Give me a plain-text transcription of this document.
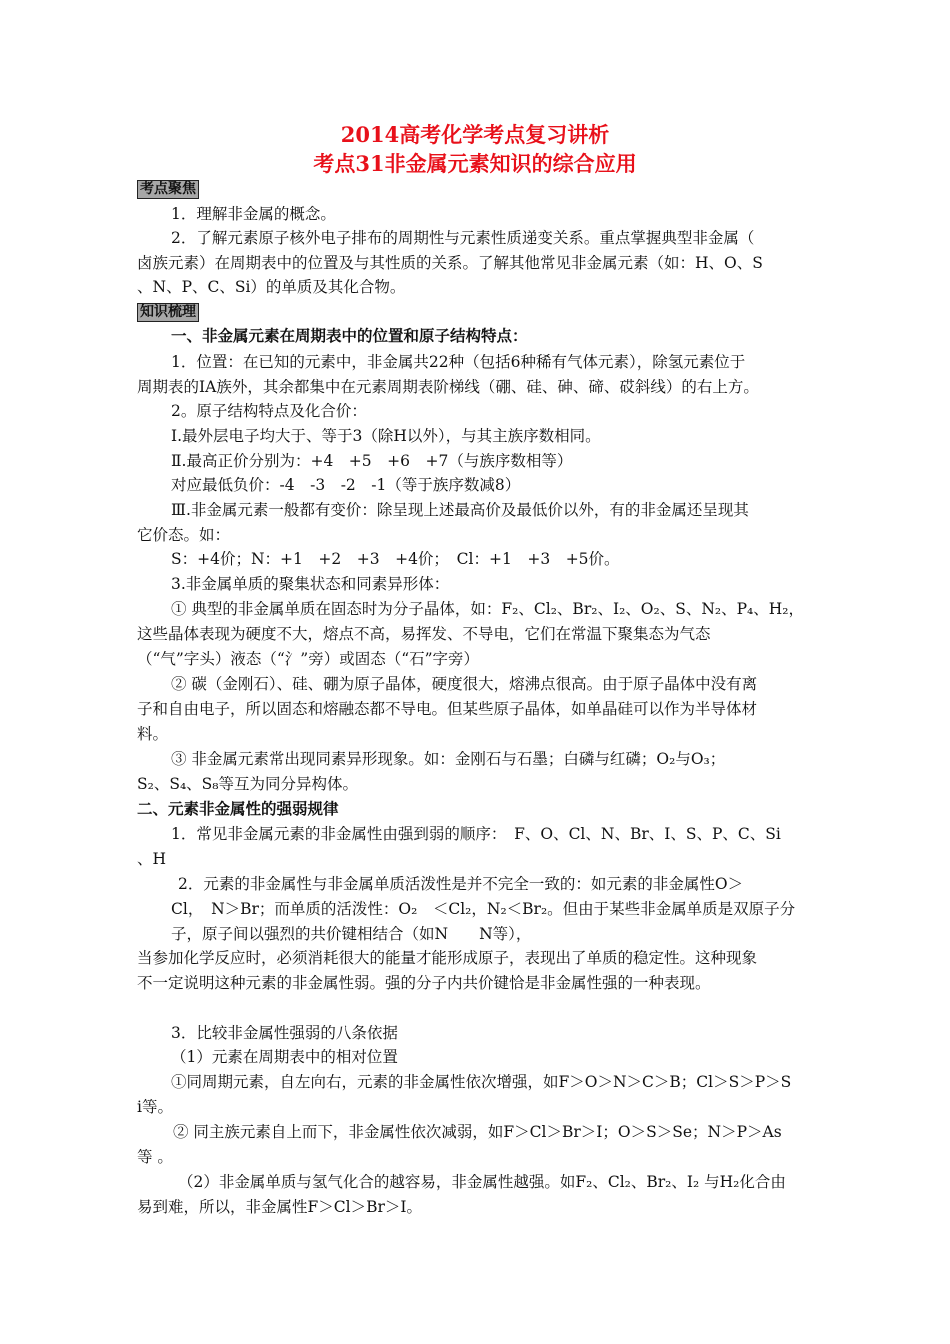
2014高考化学考点复习讲析
考点31非金属元素知识的综合应用
考点聚焦
1．理解非金属的概念。
2．了解元素原子核外电子排布的周期性与元素性质递变关系。重点掌握典型非金属（
卤族元素）在周期表中的位置及与其性质的关系。了解其他常见非金属元素（如：H、O、S
、N、P、C、Si）的单质及其化合物。
知识梳理
一、非金属元素在周期表中的位置和原子结构特点：
1．位置：在已知的元素中，非金属共22种（包括6种稀有气体元素），除氢元素位于
周期表的ⅠA族外，其余都集中在元素周期表阶梯线（硼、硅、砷、碲、砹斜线）的右上方。
2。原子结构特点及化合价：
Ⅰ.最外层电子均大于、等于3（除H以外），与其主族序数相同。
Ⅱ.最高正价分别为：+4　+5　+6　+7（与族序数相等）
对应最低负价：-4　-3　-2　-1（等于族序数减8）
Ⅲ.非金属元素一般都有变价：除呈现上述最高价及最低价以外，有的非金属还呈现其
它价态。如：
S：+4价；N：+1　+2　+3　+4价；　Cl：+1　+3　+5价。
3.非金属单质的聚集状态和同素异形体：
① 典型的非金属单质在固态时为分子晶体，如：F₂、Cl₂、Br₂、I₂、O₂、S、N₂、P₄、H₂，
这些晶体表现为硬度不大，熔点不高，易挥发、不导电，它们在常温下聚集态为气态
（“气”字头）液态（“氵”旁）或固态（“石”字旁）
② 碳（金刚石）、硅、硼为原子晶体，硬度很大，熔沸点很高。由于原子晶体中没有离
子和自由电子，所以固态和熔融态都不导电。但某些原子晶体，如单晶硅可以作为半导体材
料。
③ 非金属元素常出现同素异形现象。如：金刚石与石墨；白磷与红磷；O₂与O₃；
S₂、S₄、S₈等互为同分异构体。
二、元素非金属性的强弱规律
1．常见非金属元素的非金属性由强到弱的顺序：　F、O、Cl、N、Br、I、S、P、C、Si
、H
2．元素的非金属性与非金属单质活泼性是并不完全一致的：如元素的非金属性O＞
Cl，　N＞Br；而单质的活泼性：O₂　＜Cl₂，N₂＜Br₂。但由于某些非金属单质是双原子分
子，原子间以强烈的共价键相结合（如N　　N等），
当参加化学反应时，必须消耗很大的能量才能形成原子，表现出了单质的稳定性。这种现象
不一定说明这种元素的非金属性弱。强的分子内共价键恰是非金属性强的一种表现。
3．比较非金属性强弱的八条依据
（1）元素在周期表中的相对位置
①同周期元素，自左向右，元素的非金属性依次增强，如F＞O＞N＞C＞B；Cl＞S＞P＞S
i等。
② 同主族元素自上而下，非金属性依次减弱，如F＞Cl＞Br＞I；O＞S＞Se；N＞P＞As
等 。
（2）非金属单质与氢气化合的越容易，非金属性越强。如F₂、Cl₂、Br₂、I₂ 与H₂化合由
易到难，所以，非金属性F＞Cl＞Br＞I。
